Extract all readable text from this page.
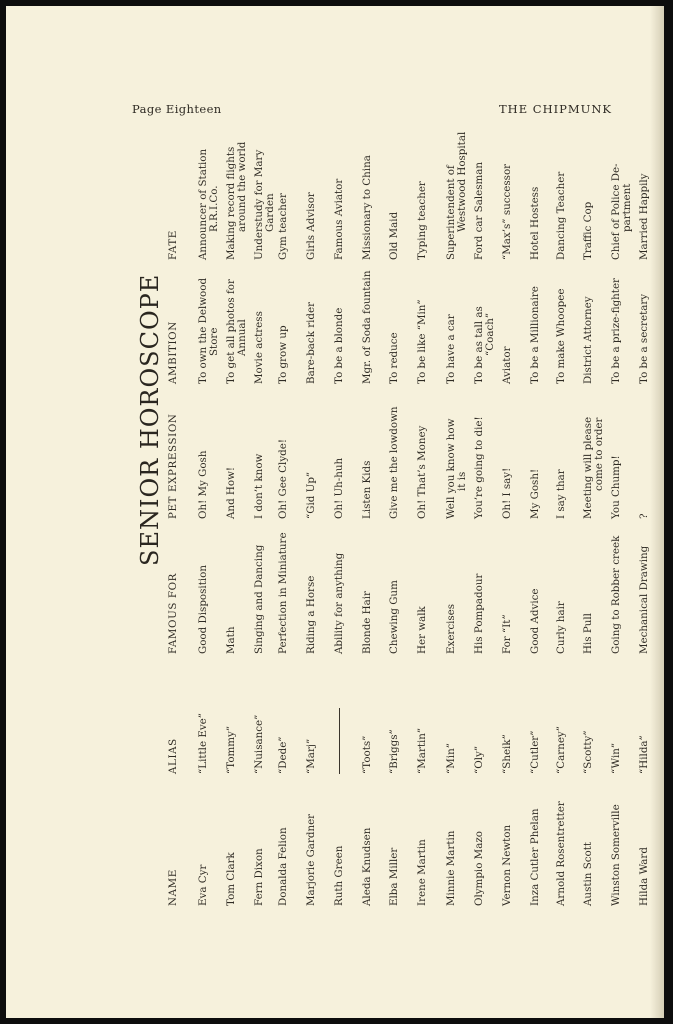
Page Eighteen	THE CHIPMUNK
SENIOR HOROSCOPE
NAME
ALIAS
FAMOUS FOR
PET EXPRESSION
AMBITION
FATE
Eva Cyr
“Little Eve”
Good Disposition
Oh! My Gosh
To own the Delwood
Store
Announcer of Station
R.R.I.Co.
Tom Clark
“Tommy”
Math
And How!
To get all photos for
Annual
Making record flights
around the world
Fern Dixon
“Nuisance”
Singing and Dancing
I don’t know
Movie actress
Understudy for Mary
Garden
Donalda Felion
“Dede”
Perfection in Miniature
Oh! Gee Clyde!
To grow up
Gym teacher
Marjorie Gardner
“Marj”
Riding a Horse
“Gid Up”
Bare-back rider
Girls Advisor
Ruth Green
Ability for anything
Oh! Uh-huh
To be a blonde
Famous Aviator
Aleda Knudsen
“Toots”
Blonde Hair
Listen Kids
Mgr. of Soda fountain
Missionary to China
Elba Miller
“Briggs”
Chewing Gum
Give me the lowdown
To reduce
Old Maid
Irene Martin
“Martin”
Her walk
Oh! That’s Money
To be like “Min”
Typing teacher
Minnie Martin
“Min”
Exercises
Well you know how
it is
To have a car
Superintendent of
Westwood Hospital
Olympio Mazo
“Oly”
His Pompadour
You’re going to die!
To be as tall as
“Coach”
Ford car Salesman
Vernon Newton
“Sheik”
For “It”
Oh! I say!
Aviator
“Max’s” successor
Inza Cutler Phelan
“Cutler”
Good Advice
My Gosh!
To be a Millionaire
Hotel Hostess
Arnold Rosentretter
“Carney”
Curly hair
I say thar
To make Whoopee
Dancing Teacher
Austin Scott
“Scotty”
His Pull
Meeting will please
come to order
District Attorney
Traffic Cop
Winston Somerville
“Win”
Going to Robber creek
You Chump!
To be a prize-fighter
Chief of Police De-
partment
Hilda Ward
“Hilda”
Mechanical Drawing
?
To be a secretary
Married Happily
